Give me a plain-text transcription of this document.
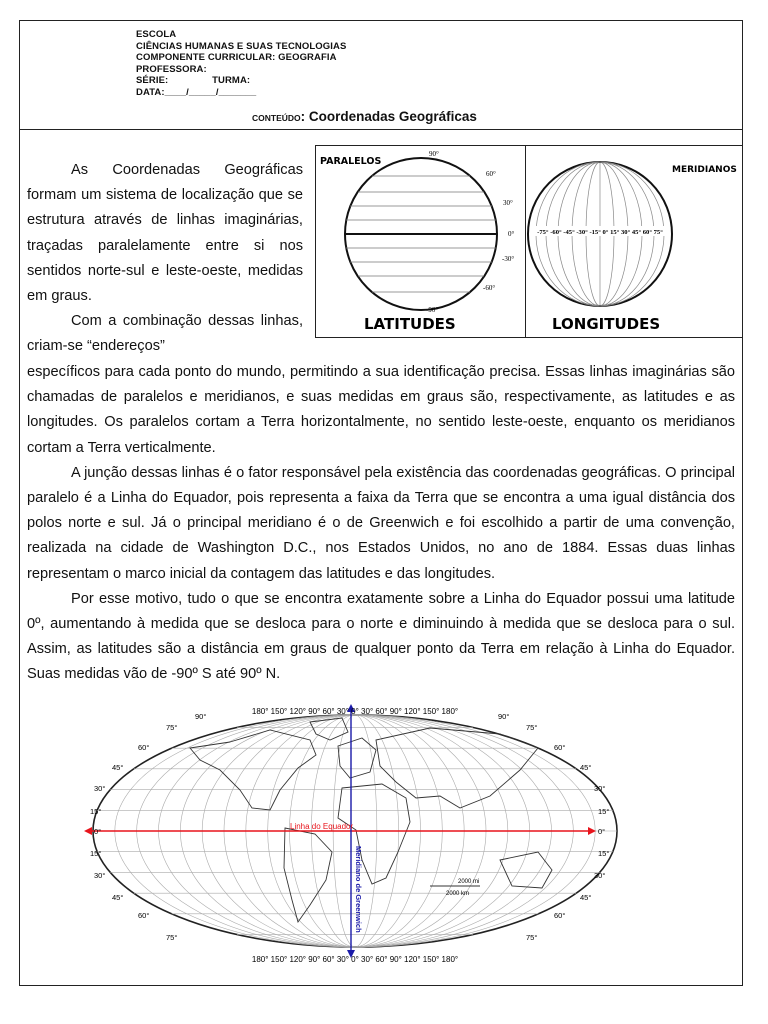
ESCOLA
CIÊNCIAS HUMANAS E SUAS TECNOLOGIAS
COMPONENTE CURRICULAR: GEOGRAFIA
PROFESSORA:
SÉRIE:                TURMA:
DATA:____/_____/_______
CONTEÚDO: Coordenadas Geográficas
PARALELOS
90°
60°
30°
0°
-30°
-60°
-90°
LATITUDES
-75° -60° -45° -30° -15° 0° 15° 30° 45° 60° 75°
MERIDIANOS
LONGITUDES

As Coordenadas Geográficas formam um sistema de localização que se estrutura através de linhas imaginárias, traçadas paralelamente entre si nos sentidos norte-sul e leste-oeste, medidas em graus.

Com a combinação dessas linhas, criam-se “endereços”

específicos para cada ponto do mundo, permitindo a sua identificação precisa. Essas linhas imaginárias são chamadas de paralelos e meridianos, e suas medidas em graus são, respectivamente, as latitudes e as longitudes. Os paralelos cortam a Terra horizontalmente, no sentido leste-oeste, enquanto os meridianos cortam a Terra verticalmente.

A junção dessas linhas é o fator responsável pela existência das coordenadas geográficas. O principal paralelo é a Linha do Equador, pois representa a faixa da Terra que se encontra a uma igual distância dos polos norte e sul. Já o principal meridiano é o de Greenwich e foi escolhido a partir de uma convenção, realizada na cidade de Washington D.C., nos Estados Unidos, no ano de 1884. Essas duas linhas representam o marco inicial da contagem das latitudes e das longitudes.

Por esse motivo, tudo o que se encontra exatamente sobre a Linha do Equador possui uma latitude 0º, aumentando à medida que se desloca para o norte e diminuindo à medida que se desloca para o sul. Assim, as latitudes são a distância em graus de qualquer ponto da Terra em relação à Linha do Equador. Suas medidas vão de -90º S até 90º N.

180° 150° 120° 90° 60° 30° 0° 30° 60° 90° 120° 150° 180°
180° 150° 120° 90° 60° 30° 0° 30° 60° 90° 120° 150° 180°
90°	90°
75°	75°
60°	60°
45°	45°
30°	30°
15°	15°
0°	0°
15°	15°
30°	30°
45°	45°
60°	60°
75°	75°
Linha do Equador
Meridiano de Greenwich	2000 mi
2000 km
